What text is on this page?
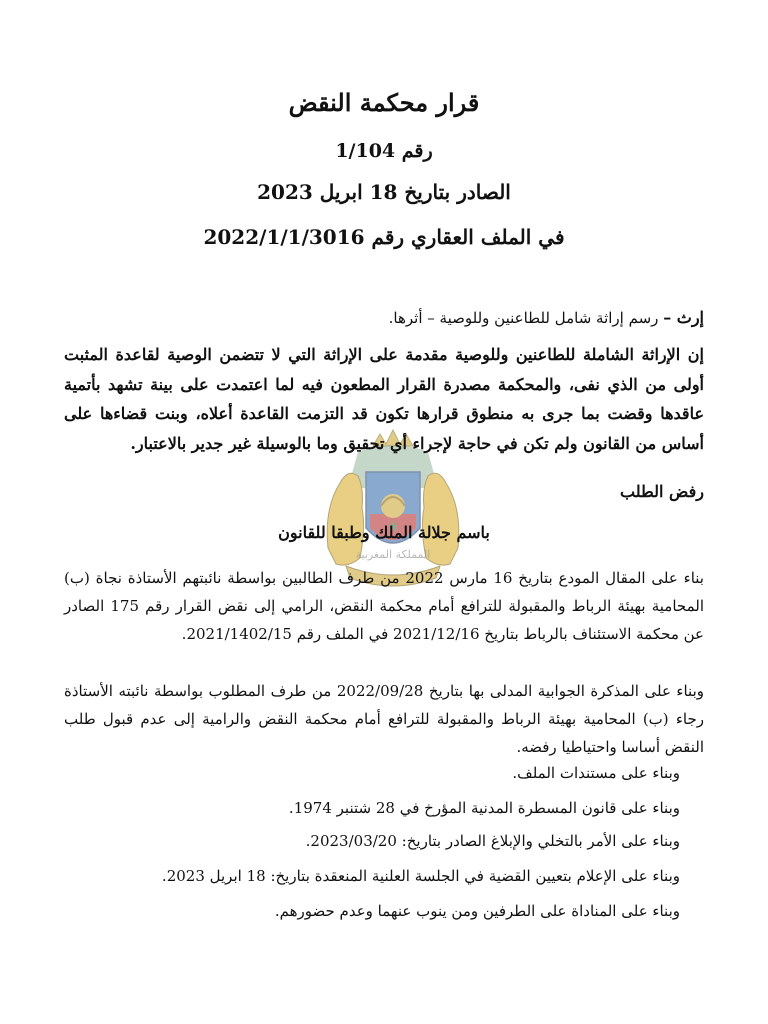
قرار محكمة النقض
رقم 1/104
الصادر بتاريخ 18 ابريل 2023
في الملف العقاري رقم 2022/1/1/3016
إرث – رسم إراثة شامل للطاعنين وللوصية – أثرها.
إن الإراثة الشاملة للطاعنين وللوصية مقدمة على الإراثة التي لا تتضمن الوصية لقاعدة المثبت أولى من الذي نفى، والمحكمة مصدرة القرار المطعون فيه لما اعتمدت على بينة تشهد بأتمية عاقدها وقضت بما جرى به منطوق قرارها تكون قد التزمت القاعدة أعلاه، وبنت قضاءها على أساس من القانون ولم تكن في حاجة لإجراء أي تحقيق وما بالوسيلة غير جدير بالاعتبار.
رفض الطلب
المملكة المغربية
باسم جلالة الملك وطبقا للقانون
بناء على المقال المودع بتاريخ 16 مارس 2022 من طرف الطالبين بواسطة نائبتهم الأستاذة نجاة (ب) المحامية بهيئة الرباط والمقبولة للترافع أمام محكمة النقض، الرامي إلى نقض القرار رقم 175 الصادر عن محكمة الاستئناف بالرباط بتاريخ 2021/12/16 في الملف رقم 2021/1402/15.
وبناء على المذكرة الجوابية المدلى بها بتاريخ 2022/09/28 من طرف المطلوب بواسطة نائبته الأستاذة رجاء (ب) المحامية بهيئة الرباط والمقبولة للترافع أمام محكمة النقض والرامية إلى عدم قبول طلب النقض أساسا واحتياطيا رفضه.
وبناء على مستندات الملف.
وبناء على قانون المسطرة المدنية المؤرخ في 28 شتنبر 1974.
وبناء على الأمر بالتخلي والإبلاغ الصادر بتاريخ: 2023/03/20.
وبناء على الإعلام بتعيين القضية في الجلسة العلنية المنعقدة بتاريخ: 18 ابريل 2023.
وبناء على المناداة على الطرفين ومن ينوب عنهما وعدم حضورهم.
